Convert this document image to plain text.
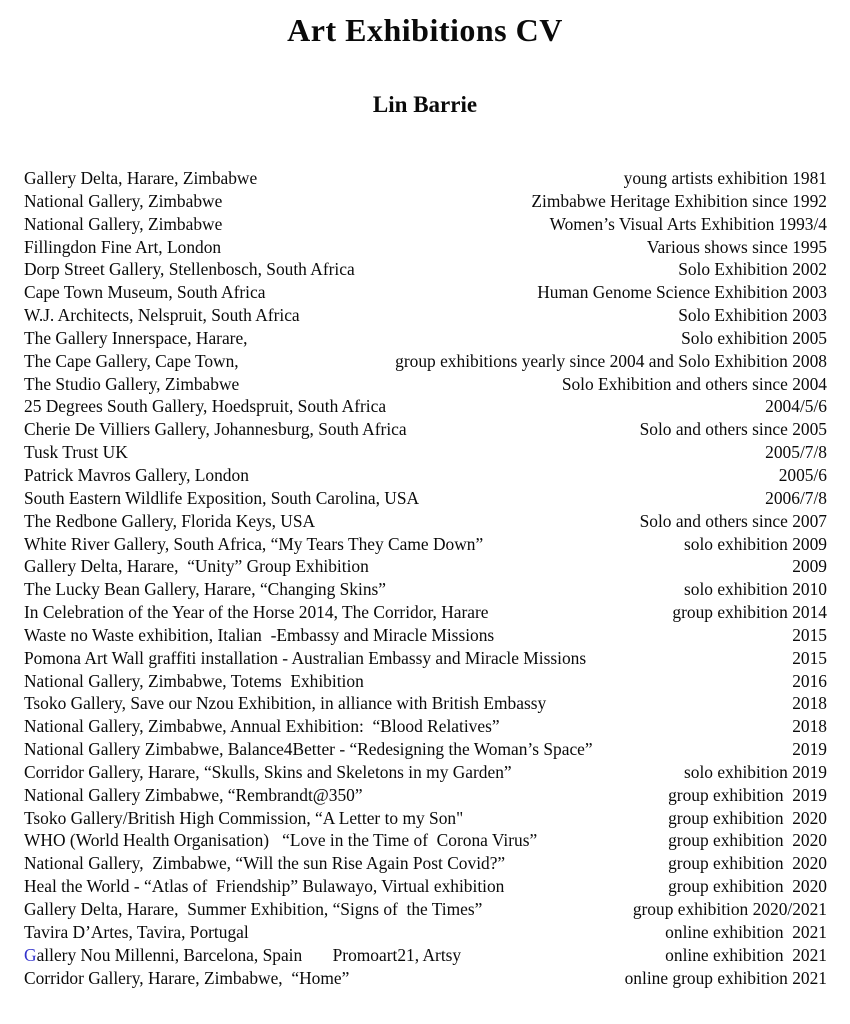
Art Exhibitions CV
Lin Barrie
Gallery Delta, Harare, Zimbabwe	young artists exhibition 1981
National Gallery, Zimbabwe	Zimbabwe Heritage Exhibition since 1992
National Gallery, Zimbabwe	Women’s Visual Arts Exhibition 1993/4
Fillingdon Fine Art, London	Various shows since 1995
Dorp Street Gallery, Stellenbosch, South Africa	Solo Exhibition 2002
Cape Town Museum, South Africa	Human Genome Science Exhibition 2003
W.J. Architects, Nelspruit, South Africa	Solo Exhibition 2003
The Gallery Innerspace, Harare,	Solo exhibition 2005
The Cape Gallery, Cape Town,	group exhibitions yearly since 2004 and Solo Exhibition 2008
The Studio Gallery, Zimbabwe	Solo Exhibition and others since 2004
25 Degrees South Gallery, Hoedspruit, South Africa	2004/5/6
Cherie De Villiers Gallery, Johannesburg, South Africa	Solo and others since 2005
Tusk Trust UK	2005/7/8
Patrick Mavros Gallery, London	2005/6
South Eastern Wildlife Exposition, South Carolina, USA	2006/7/8
The Redbone Gallery, Florida Keys, USA	Solo and others since 2007
White River Gallery, South Africa, “My Tears They Came Down”	solo exhibition 2009
Gallery Delta, Harare,  “Unity” Group Exhibition	2009
The Lucky Bean Gallery, Harare, “Changing Skins”	solo exhibition 2010
In Celebration of the Year of the Horse 2014, The Corridor, Harare	group exhibition 2014
Waste no Waste exhibition, Italian  -Embassy and Miracle Missions	2015
Pomona Art Wall graffiti installation - Australian Embassy and Miracle Missions	2015
National Gallery, Zimbabwe, Totems  Exhibition	2016
Tsoko Gallery, Save our Nzou Exhibition, in alliance with British Embassy	2018
National Gallery, Zimbabwe, Annual Exhibition:  “Blood Relatives”	2018
National Gallery Zimbabwe, Balance4Better - “Redesigning the Woman’s Space”	2019
Corridor Gallery, Harare, “Skulls, Skins and Skeletons in my Garden”	solo exhibition 2019
National Gallery Zimbabwe, “Rembrandt@350”	group exhibition  2019
Tsoko Gallery/British High Commission, “A Letter to my Son"	group exhibition  2020
WHO (World Health Organisation)   “Love in the Time of  Corona Virus”	group exhibition  2020
National Gallery,  Zimbabwe, “Will the sun Rise Again Post Covid?”	group exhibition  2020
Heal the World - “Atlas of  Friendship” Bulawayo, Virtual exhibition	group exhibition  2020
Gallery Delta, Harare,  Summer Exhibition, “Signs of  the Times”	group exhibition 2020/2021
Tavira D’Artes, Tavira, Portugal	online exhibition  2021
Gallery Nou Millenni, Barcelona, Spain       Promoart21, Artsy	online exhibition  2021
Corridor Gallery, Harare, Zimbabwe,  “Home”	online group exhibition 2021
